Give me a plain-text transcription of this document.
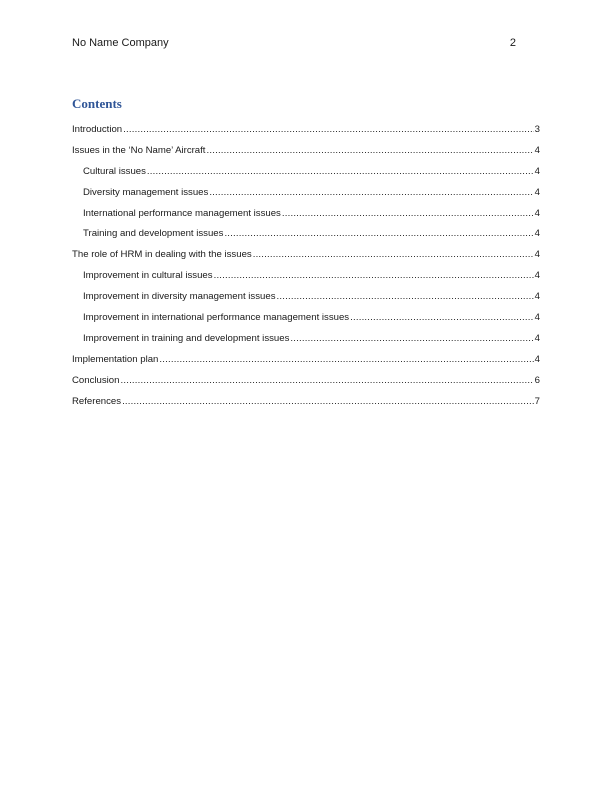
No Name Company	2
Contents
Introduction .....	3
Issues in the ‘No Name’ Aircraft .....	4
Cultural issues .....	4
Diversity management issues .....	4
International performance management issues .....	4
Training and development issues .....	4
The role of HRM in dealing with the issues .....	4
Improvement in cultural issues .....	4
Improvement in diversity management issues .....	4
Improvement in international performance management issues .....	4
Improvement in training and development issues .....	4
Implementation plan .....	4
Conclusion .....	6
References .....	7
